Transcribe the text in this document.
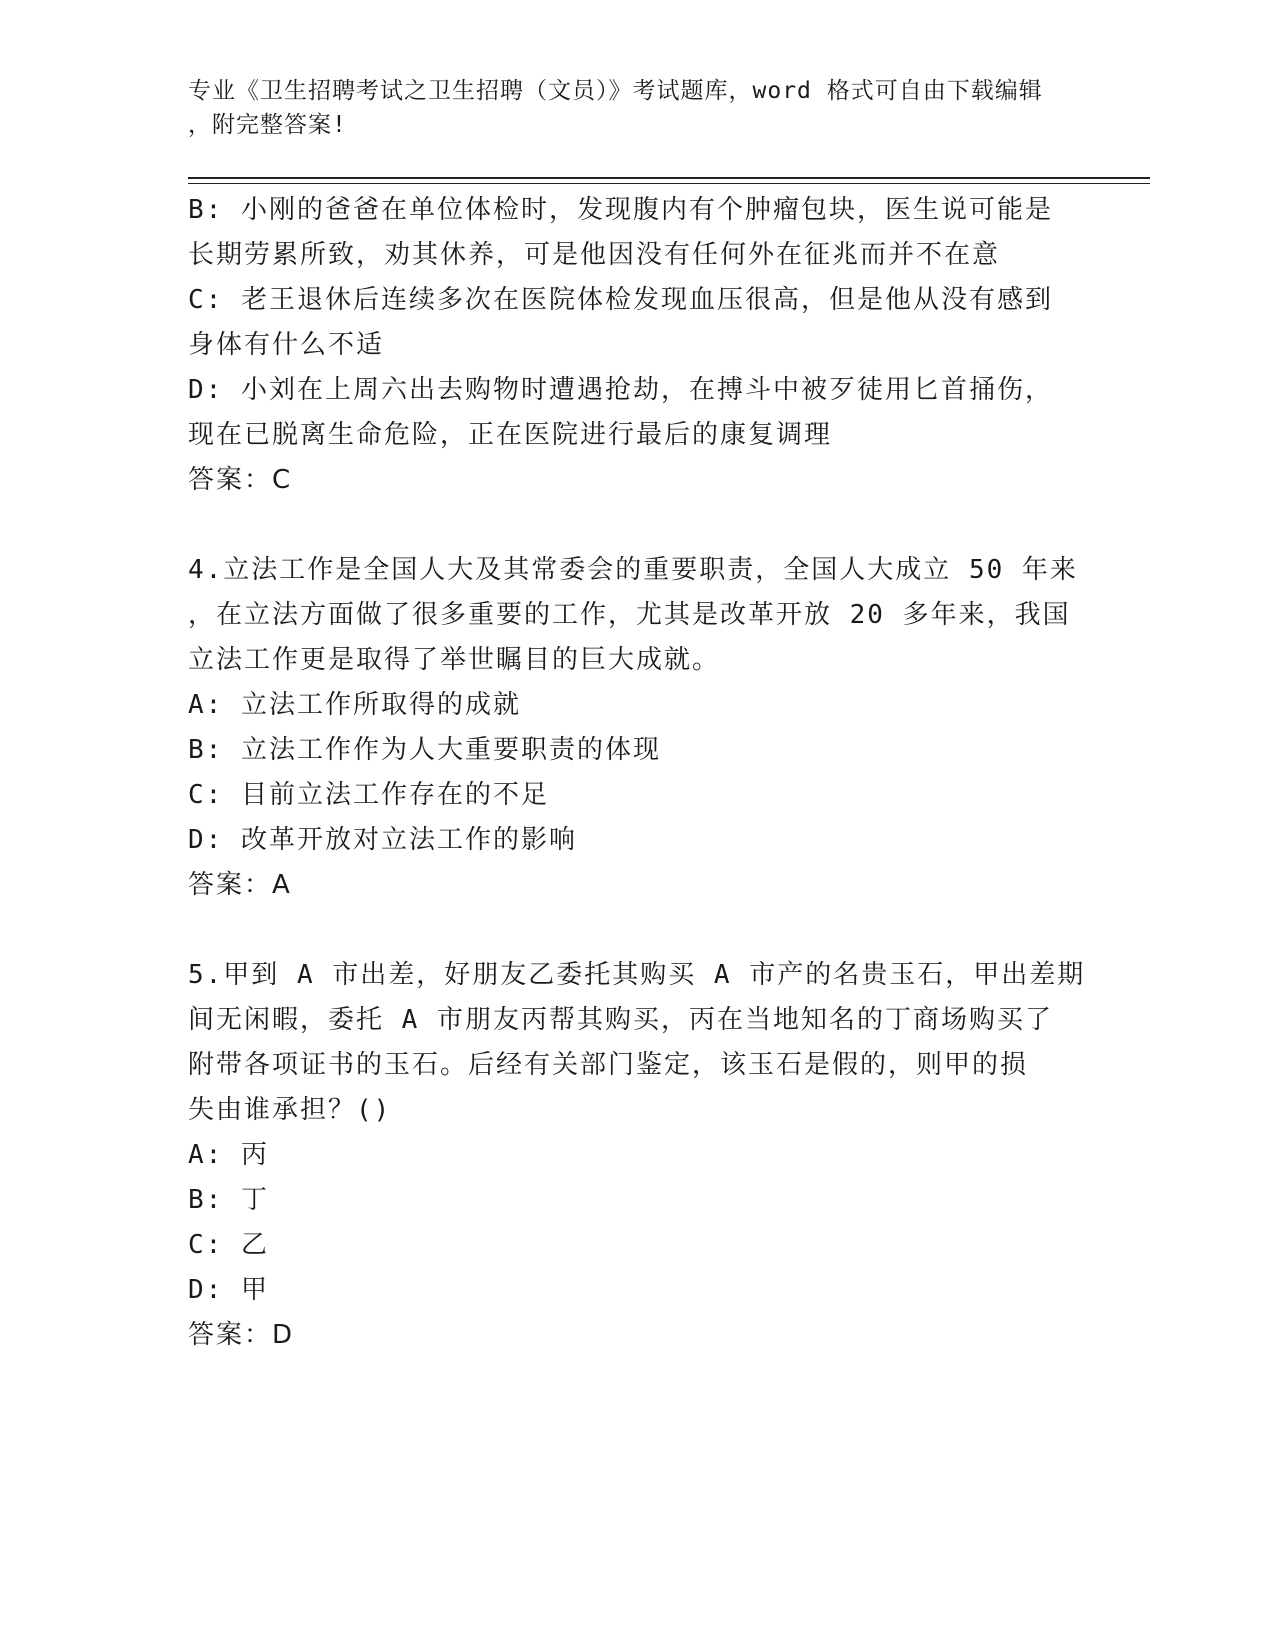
专业《卫生招聘考试之卫生招聘（文员）》考试题库，word 格式可自由下载编辑
，附完整答案!
B: 小刚的爸爸在单位体检时，发现腹内有个肿瘤包块，医生说可能是
长期劳累所致，劝其休养，可是他因没有任何外在征兆而并不在意
C: 老王退休后连续多次在医院体检发现血压很高，但是他从没有感到
身体有什么不适
D: 小刘在上周六出去购物时遭遇抢劫，在搏斗中被歹徒用匕首捅伤，
现在已脱离生命危险，正在医院进行最后的康复调理
答案：C
4.立法工作是全国人大及其常委会的重要职责，全国人大成立 50 年来
，在立法方面做了很多重要的工作，尤其是改革开放 20 多年来，我国
立法工作更是取得了举世瞩目的巨大成就。
A: 立法工作所取得的成就
B: 立法工作作为人大重要职责的体现
C: 目前立法工作存在的不足
D: 改革开放对立法工作的影响
答案：A
5.甲到 A 市出差，好朋友乙委托其购买 A 市产的名贵玉石，甲出差期
间无闲暇，委托 A 市朋友丙帮其购买，丙在当地知名的丁商场购买了
附带各项证书的玉石。后经有关部门鉴定，该玉石是假的，则甲的损
失由谁承担？()
A: 丙
B: 丁
C: 乙
D: 甲
答案：D
